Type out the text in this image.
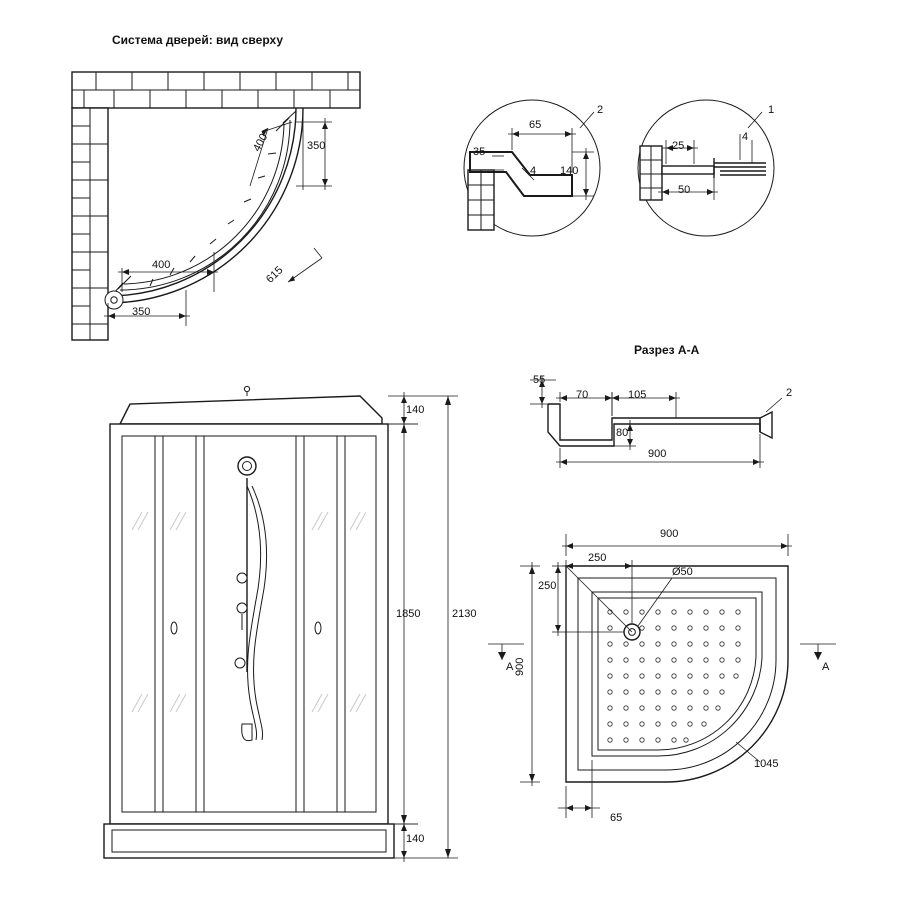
Система дверей: вид сверху
Разрез А-А
400	350
400
350
615
2
65
35
4 140
1
25
4
50
55
70	105
80
900
2
140
1850	2130
140
900
250
250
900
65
1045
Ø50
А	А
